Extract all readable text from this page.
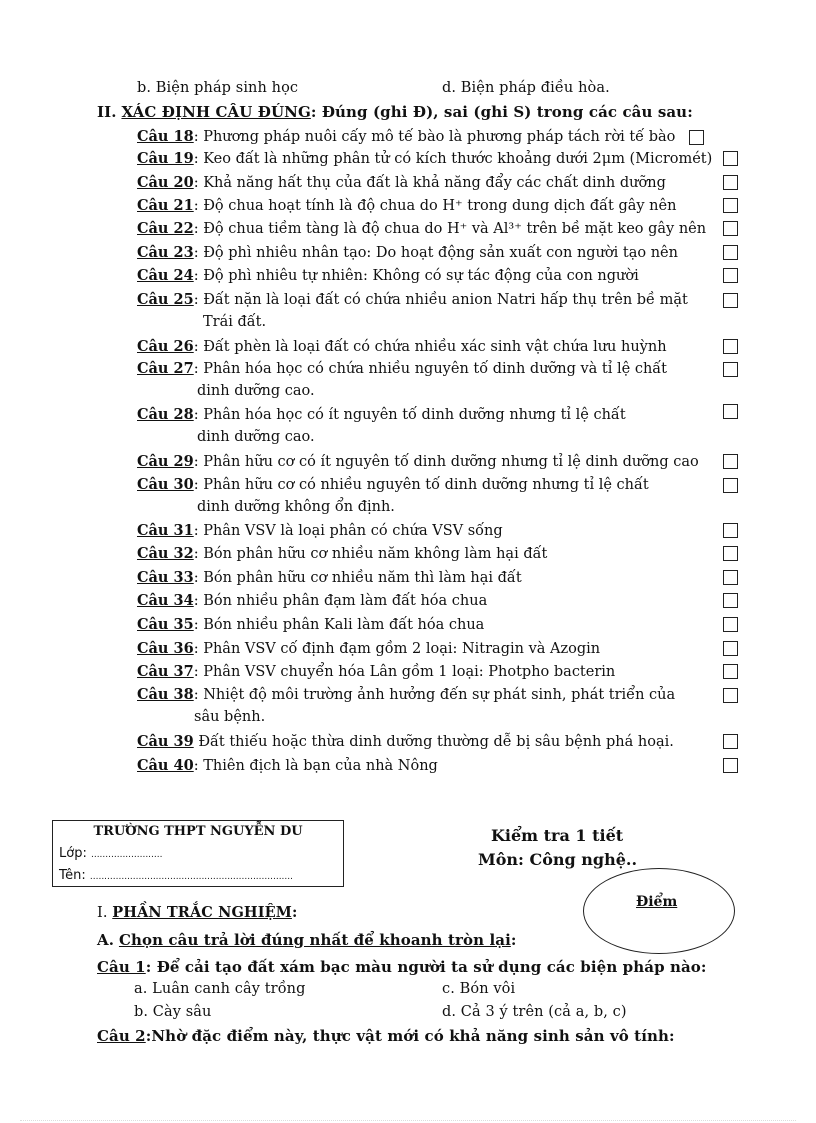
b. Biện pháp sinh học	d. Biện pháp điều hòa.
II. XÁC ĐỊNH CÂU ĐÚNG: Đúng (ghi Đ), sai (ghi S) trong các câu sau:
Câu 18: Phương pháp nuôi cấy mô tế bào là phương pháp tách rời tế bào
Câu 19: Keo đất là những phân tử có kích thước khoảng dưới 2μm (Micromét)
Câu 20: Khả năng hất thụ của đất là khả năng đẩy các chất dinh dưỡng
Câu 21: Độ chua hoạt tính là độ chua do H⁺ trong dung dịch đất gây nên
Câu 22: Độ chua tiềm tàng là độ chua do H⁺ và Al³⁺ trên bề mặt keo gây nên
Câu 23: Độ phì nhiêu nhân tạo: Do hoạt động sản xuất con người tạo nên
Câu 24: Độ phì nhiêu tự nhiên: Không có sự tác động của con người
Câu 25: Đất nặn là loại đất có chứa nhiều anion Natri hấp thụ trên bề mặt
Trái đất.
Câu 26: Đất phèn là loại đất có chứa nhiều xác sinh vật chứa lưu huỳnh
Câu 27: Phân hóa học có chứa nhiều nguyên tố dinh dưỡng và tỉ lệ chất
dinh dưỡng cao.
Câu 28: Phân hóa học có ít nguyên tố dinh dưỡng nhưng tỉ lệ chất
dinh dưỡng cao.
Câu 29: Phân hữu cơ có ít nguyên tố dinh dưỡng nhưng tỉ lệ dinh dưỡng cao
Câu 30: Phân hữu cơ có nhiều nguyên tố dinh dưỡng nhưng tỉ lệ chất
dinh dưỡng không ổn định.
Câu 31: Phân VSV là loại phân có chứa VSV sống
Câu 32: Bón phân hữu cơ nhiều năm không làm hại đất
Câu 33: Bón phân hữu cơ nhiều năm thì làm hại đất
Câu 34: Bón nhiều phân đạm làm đất hóa chua
Câu 35: Bón nhiều phân Kali làm đất hóa chua
Câu 36: Phân VSV cố định đạm gồm 2 loại: Nitragin và Azogin
Câu 37: Phân VSV chuyển hóa Lân gồm 1 loại: Photpho bacterin
Câu 38: Nhiệt độ môi trường ảnh hưởng đến sự phát sinh, phát triển của
sâu bệnh.
Câu 39 Đất thiếu hoặc thừa dinh dưỡng thường dễ bị sâu bệnh phá hoại.
Câu 40: Thiên địch là bạn của nhà Nông
TRƯỜNG THPT NGUYỄN DU
Lớp: .........................
Tên: .......................................................................
Kiểm tra 1 tiết
Môn: Công nghệ..
Điểm
I. PHẦN TRẮC NGHIỆM:
A. Chọn câu trả lời đúng nhất để khoanh tròn lại:
Câu 1: Để cải tạo đất xám bạc màu người ta sử dụng các biện pháp nào:
a. Luân canh cây trồng	c. Bón vôi
b. Cày sâu	d. Cả 3 ý trên (cả a, b, c)
Câu 2:Nhờ đặc điểm này, thực vật mới có khả năng sinh sản vô tính:
